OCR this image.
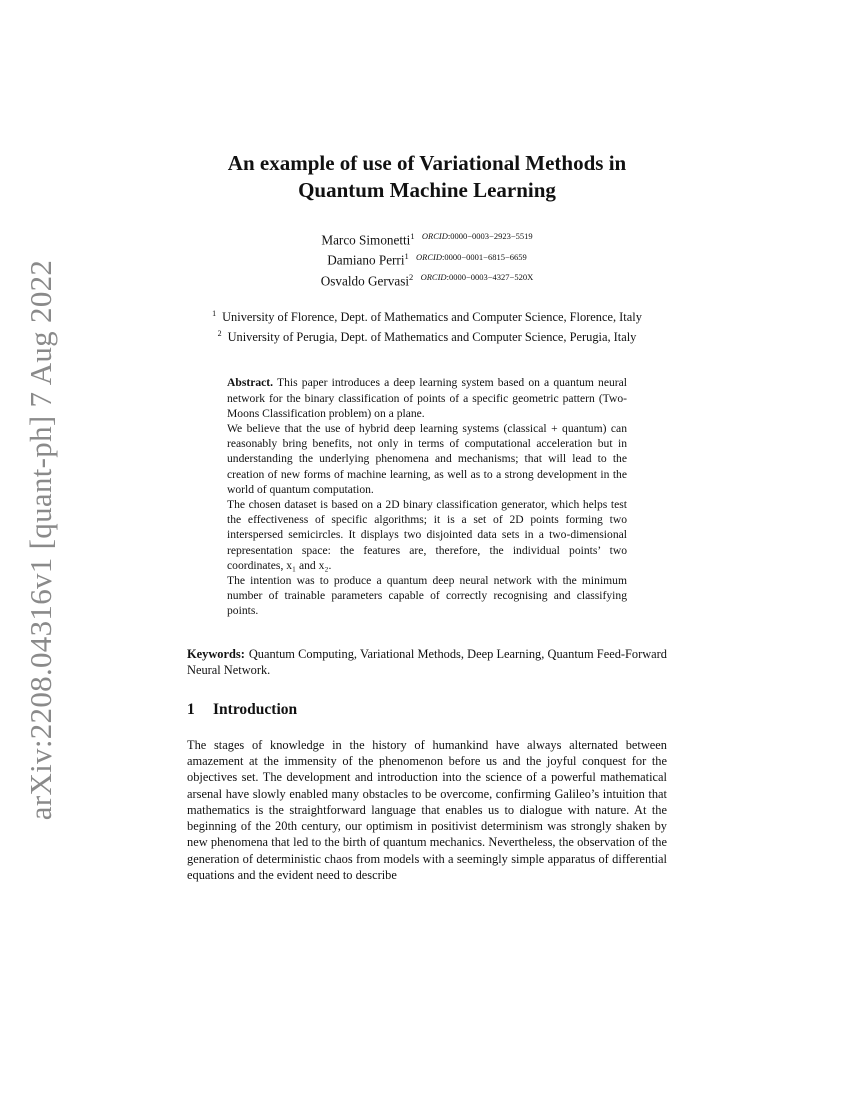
arXiv:2208.04316v1 [quant-ph] 7 Aug 2022
An example of use of Variational Methods in
Quantum Machine Learning
Marco Simonetti$^1$ $^{ORCID:0000-0003-2923-5519}$
Damiano Perri$^1$ $^{ORCID:0000-0001-6815-6659}$
Osvaldo Gervasi$^2$ $^{ORCID:0000-0003-4327-520X}$

$^1$ University of Florence, Dept. of Mathematics and Computer Science, Florence, Italy

$^2$ University of Perugia, Dept. of Mathematics and Computer Science, Perugia, Italy

Abstract. This paper introduces a deep learning system based on a quantum neural network for the binary classification of points of a specific geometric pattern (Two-Moons Classification problem) on a plane.

We believe that the use of hybrid deep learning systems (classical + quantum) can reasonably bring benefits, not only in terms of computational acceleration but in understanding the underlying phenomena and mechanisms; that will lead to the creation of new forms of machine learning, as well as to a strong development in the world of quantum computation.

The chosen dataset is based on a 2D binary classification generator, which helps test the effectiveness of specific algorithms; it is a set of 2D points forming two interspersed semicircles. It displays two disjointed data sets in a two-dimensional representation space: the features are, therefore, the individual points’ two coordinates, x₁ and x₂.

The intention was to produce a quantum deep neural network with the minimum number of trainable parameters capable of correctly recognising and classifying points.

Keywords: Quantum Computing, Variational Methods, Deep Learning, Quantum Feed-Forward Neural Network.
1 Introduction

The stages of knowledge in the history of humankind have always alternated between amazement at the immensity of the phenomenon before us and the joyful conquest for the objectives set. The development and introduction into the science of a powerful mathematical arsenal have slowly enabled many obstacles to be overcome, confirming Galileo’s intuition that mathematics is the straightforward language that enables us to dialogue with nature. At the beginning of the 20th century, our optimism in positivist determinism was strongly shaken by new phenomena that led to the birth of quantum mechanics. Nevertheless, the observation of the generation of deterministic chaos from models with a seemingly simple apparatus of differential equations and the evident need to describe
